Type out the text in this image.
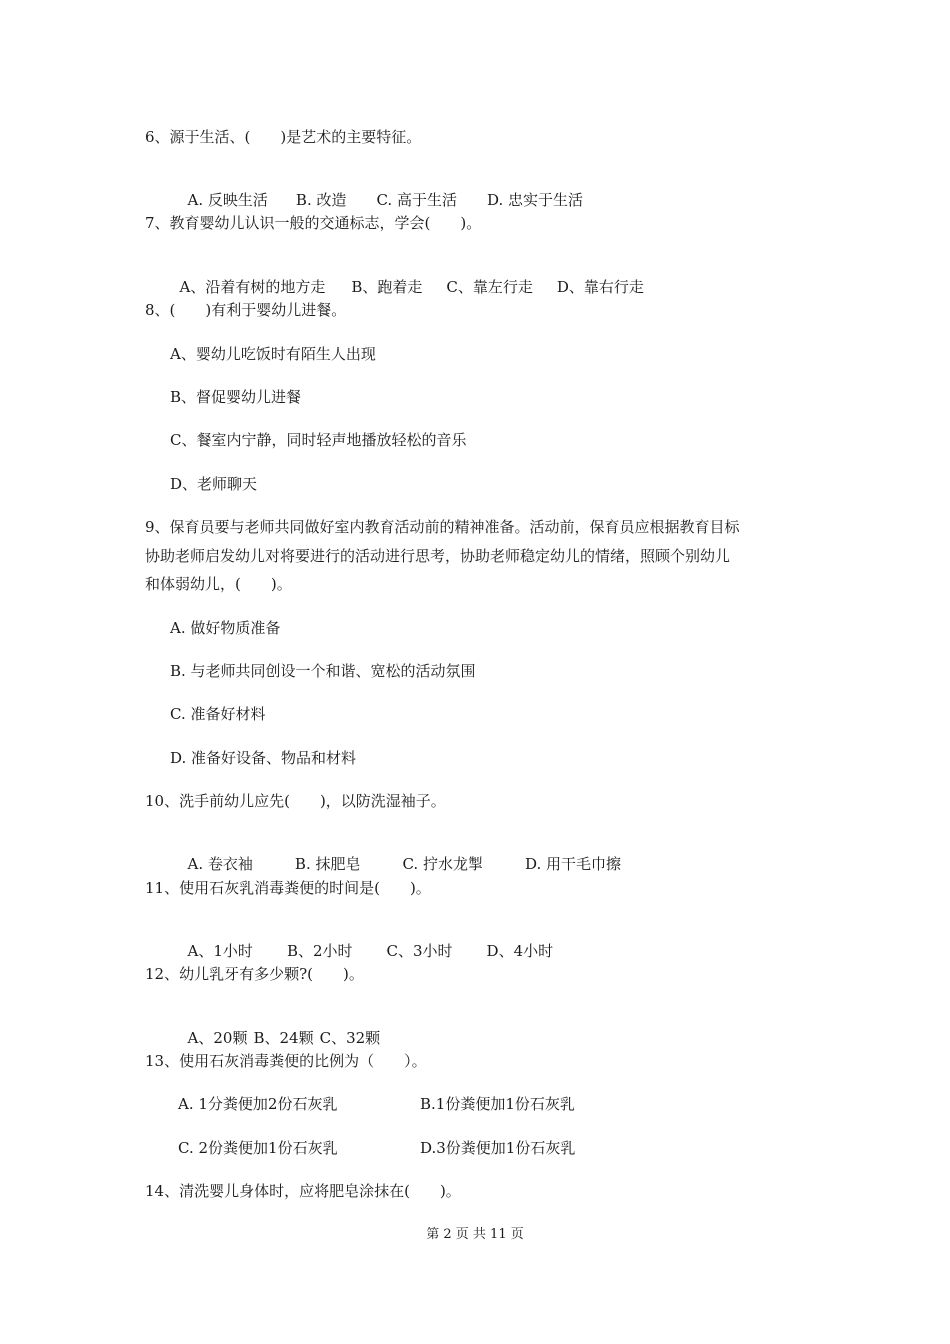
6、源于生活、(　　)是艺术的主要特征。

A. 反映生活 B. 改造 C. 高于生活 D. 忠实于生活

7、教育婴幼儿认识一般的交通标志，学会(　　)。

A、沿着有树的地方走 B、跑着走 C、靠左行走 D、靠右行走

8、(　　)有利于婴幼儿进餐。
A、婴幼儿吃饭时有陌生人出现
B、督促婴幼儿进餐
C、餐室内宁静，同时轻声地播放轻松的音乐
D、老师聊天
9、保育员要与老师共同做好室内教育活动前的精神准备。活动前，保育员应根据教育目标
协助老师启发幼儿对将要进行的活动进行思考，协助老师稳定幼儿的情绪，照顾个别幼儿
和体弱幼儿，(　　)。
A. 做好物质准备
B. 与老师共同创设一个和谐、宽松的活动氛围
C. 准备好材料
D. 准备好设备、物品和材料
10、洗手前幼儿应先(　　)，以防洗湿袖子。

A. 卷衣袖	B. 抹肥皂	C. 拧水龙掣	D. 用干毛巾擦

11、使用石灰乳消毒粪便的时间是(　　)。

A、1小时 B、2小时 C、3小时 D、4小时

12、幼儿乳牙有多少颗?(　　)。

A、20颗 B、24颗 C、32颗

13、使用石灰消毒粪便的比例为（　　）。
A. 1分粪便加2份石灰乳	B.1份粪便加1份石灰乳
C. 2份粪便加1份石灰乳	D.3份粪便加1份石灰乳
14、清洗婴儿身体时，应将肥皂涂抹在(　　)。
第 2 页 共 11 页
